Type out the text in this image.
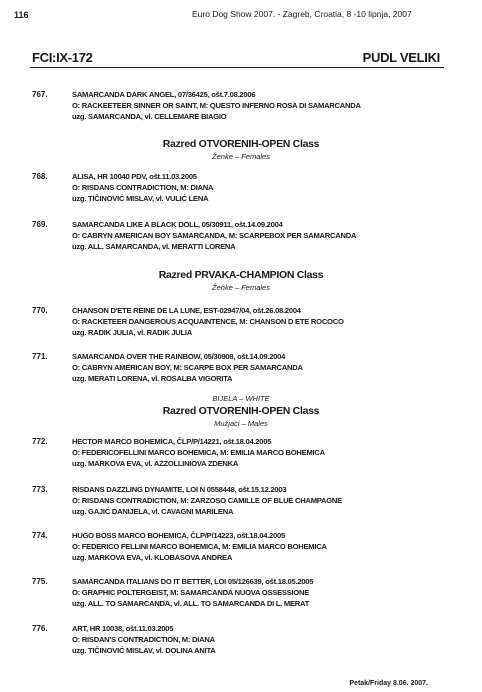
116	Euro Dog Show 2007. - Zagreb, Croatia, 8 -10 lipnja, 2007
FCI:IX-172	PUDL VELIKI
767.	SAMARCANDA DARK ANGEL, 07/36425, ošt.7.08.2006
O: RACKEETEER SINNER OR SAINT, M: QUESTO INFERNO ROSA DI SAMARCANDA
uzg. SAMARCANDA, vl. CELLEMARE BIAGIO
Razred OTVORENIH-OPEN Class
Ženke – Females
768.	ALISA, HR 10040 PDV, ošt.11.03.2005
O: RISDANS CONTRADICTION, M: DIANA
uzg. TIČINOVIĆ MISLAV, vl. VULIĆ LENA
769.	SAMARCANDA LIKE A BLACK DOLL, 05/30911, ošt.14.09.2004
O: CABRYN AMERICAN BOY SAMARCANDA, M: SCARPEBOX PER SAMARCANDA
uzg. ALL. SAMARCANDA, vl. MERATTI LORENA
Razred PRVAKA-CHAMPION Class
Ženke – Females
770.	CHANSON D'ETE REINE DE LA LUNE, EST-02947/04, ošt.26.08.2004
O: RACKETEER DANGEROUS ACQUAINTENCE, M: CHANSON D ETE ROCOCO
uzg. RADIK JULIA, vl. RADIK JULIA
771.	SAMARCANDA OVER THE RAINBOW, 05/30908, ošt.14.09.2004
O: CABRYN AMERICAN BOY, M: SCARPE BOX PER SAMARCANDA
uzg. MERATI LORENA, vl. ROSALBA VIGORITA
BIJELA – WHITE
Razred OTVORENIH-OPEN Class
Mužjaci – Males
772.	HECTOR MARCO BOHEMICA, ČLP/P/14221, ošt.18.04.2005
O: FEDERICOFELLINI MARCO BOHEMICA, M: EMILIA MARCO BOHEMICA
uzg. MARKOVA EVA, vl. AZZOLLINIOVA ZDENKA
773.	RISDANS DAZZLING DYNAMITE, LOI N 0558448, ošt.15.12.2003
O: RISDANS CONTRADICTION, M: ZARZOSO CAMILLE OF BLUE CHAMPAGNE
uzg. GAJIĆ DANIJELA, vl. CAVAGNI MARILENA
774.	HUGO BOSS MARCO BOHEMICA, ČLP/P/14223, ošt.18.04.2005
O: FEDERICO FELLINI MARCO BOHEMICA, M: EMILIA MARCO BOHEMICA
uzg. MARKOVA EVA, vl. KLOBASOVA ANDREA
775.	SAMARCANDA ITALIANS DO IT BETTER, LOI 05/126639, ošt.18.05.2005
O: GRAPHIC POLTERGEIST, M: SAMARCANDA NUOVA OSSESSIONE
uzg. ALL. TO SAMARCANDA, vl. ALL. TO SAMARCANDA DI L. MERAT
776.	ART, HR 10038, ošt.11.03.2005
O: RISDAN'S CONTRADICTION, M: DIANA
uzg. TIČINOVIĆ MISLAV, vl. DOLINA ANITA
Petak/Friday 8.06. 2007.
